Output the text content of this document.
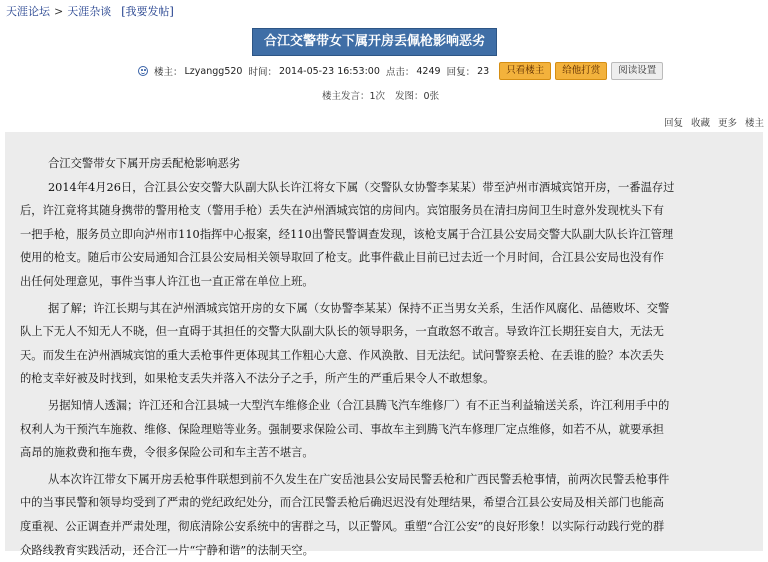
天涯论坛 > 天涯杂谈 [我要发帖]
合江交警带女下属开房丢佩枪影响恶劣
楼主： Lzyangg520 时间： 2014-05-23 16:53:00 点击： 4249 回复： 23	只看楼主	给他打赏	阅读设置
楼主发言：1次 发图：0张
回复 收藏 更多 楼主
合江交警带女下属开房丢配枪影响恶劣
2014年4月26日，合江县公安交警大队副大队长许江将女下属（交警队女协警李某某）带至泸州市酒城宾馆开房，一番温存过
后，许江竟将其随身携带的警用枪支（警用手枪）丢失在泸州酒城宾馆的房间内。宾馆服务员在清扫房间卫生时意外发现枕头下有
一把手枪，服务员立即向泸州市110指挥中心报案，经110出警民警调查发现，该枪支属于合江县公安局交警大队副大队长许江管理
使用的枪支。随后市公安局通知合江县公安局相关领导取回了枪支。此事件截止目前已过去近一个月时间，合江县公安局也没有作
出任何处理意见，事件当事人许江也一直正常在单位上班。
据了解；许江长期与其在泸州酒城宾馆开房的女下属（女协警李某某）保持不正当男女关系，生活作风腐化、品德败坏、交警
队上下无人不知无人不晓，但一直碍于其担任的交警大队副大队长的领导职务，一直敢怒不敢言。导致许江长期狂妄自大，无法无
天。而发生在泸州酒城宾馆的重大丢枪事件更体现其工作粗心大意、作风涣散、目无法纪。试问警察丢枪、在丢谁的脸？本次丢失
的枪支幸好被及时找到，如果枪支丢失并落入不法分子之手，所产生的严重后果令人不敢想象。
另据知情人透漏；许江还和合江县城一大型汽车维修企业（合江县腾飞汽车维修厂）有不正当利益输送关系，许江利用手中的
权利人为干预汽车施救、维修、保险理赔等业务。强制要求保险公司、事故车主到腾飞汽车修理厂定点维修，如若不从，就要承担
高昂的施救费和拖车费，令很多保险公司和车主苦不堪言。
从本次许江带女下属开房丢枪事件联想到前不久发生在广安岳池县公安局民警丢枪和广西民警丢枪事情，前两次民警丢枪事件
中的当事民警和领导均受到了严肃的党纪政纪处分，而合江民警丢枪后确迟迟没有处理结果，希望合江县公安局及相关部门也能高
度重视、公正调查并严肃处理，彻底清除公安系统中的害群之马，以正警风。重塑“合江公安”的良好形象！以实际行动践行党的群
众路线教育实践活动，还合江一片“宁静和谐”的法制天空。
